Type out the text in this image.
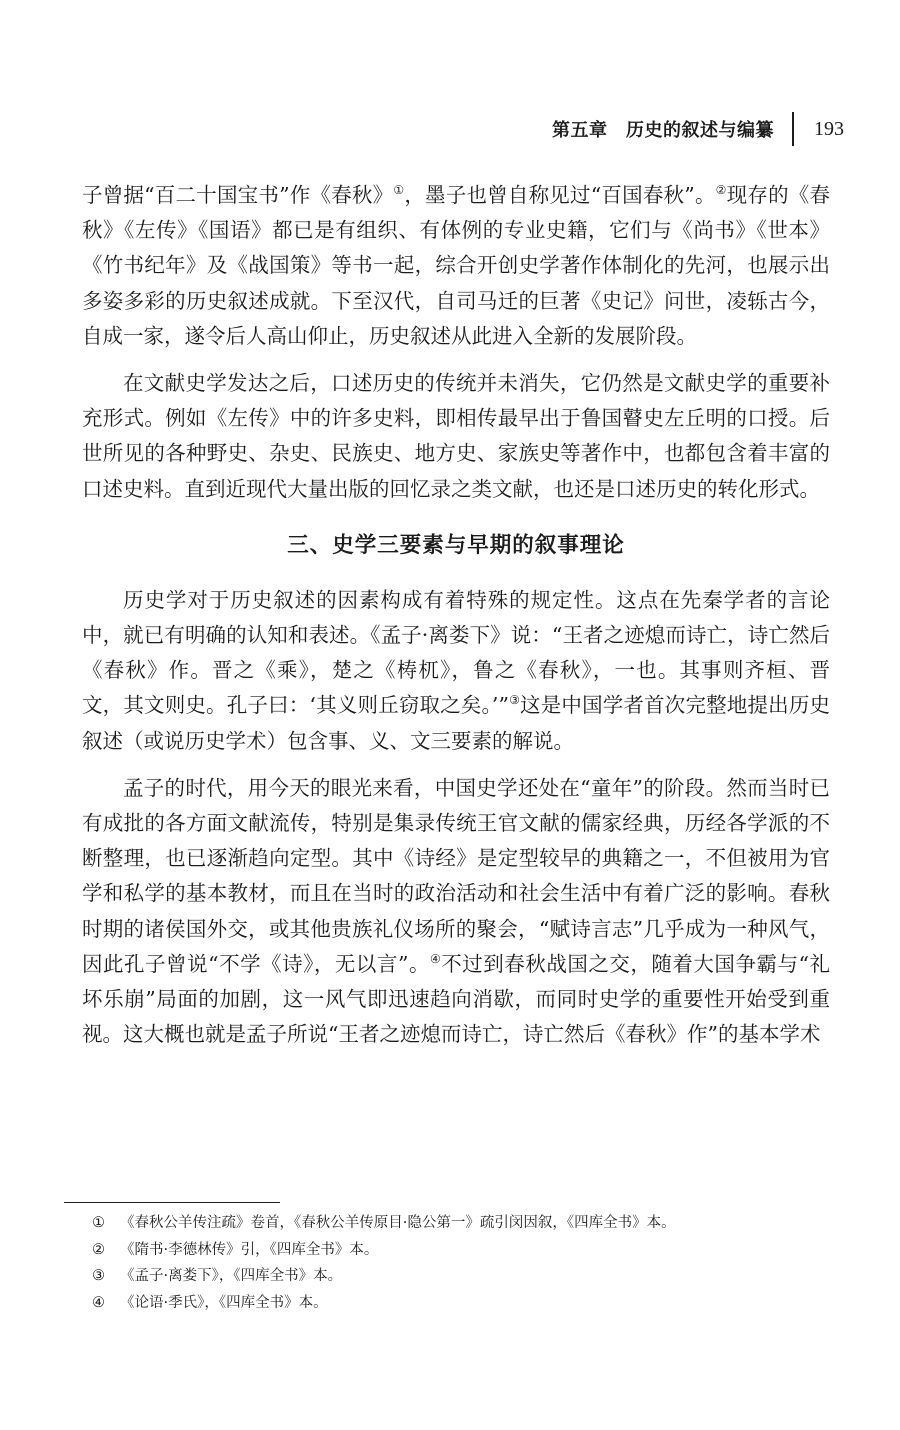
第五章　历史的叙述与编纂 193

子曾据“百二十国宝书”作《春秋》①，墨子也曾自称见过“百国春秋”。②现存的《春秋》《左传》《国语》都已是有组织、有体例的专业史籍，它们与《尚书》《世本》《竹书纪年》及《战国策》等书一起，综合开创史学著作体制化的先河，也展示出多姿多彩的历史叙述成就。下至汉代，自司马迁的巨著《史记》问世，凌轹古今，自成一家，遂令后人高山仰止，历史叙述从此进入全新的发展阶段。

在文献史学发达之后，口述历史的传统并未消失，它仍然是文献史学的重要补充形式。例如《左传》中的许多史料，即相传最早出于鲁国瞽史左丘明的口授。后世所见的各种野史、杂史、民族史、地方史、家族史等著作中，也都包含着丰富的口述史料。直到近现代大量出版的回忆录之类文献，也还是口述历史的转化形式。

三、史学三要素与早期的叙事理论

历史学对于历史叙述的因素构成有着特殊的规定性。这点在先秦学者的言论中，就已有明确的认知和表述。《孟子·离娄下》说：“王者之迹熄而诗亡，诗亡然后《春秋》作。晋之《乘》，楚之《梼杌》，鲁之《春秋》，一也。其事则齐桓、晋文，其文则史。孔子曰：‘其义则丘窃取之矣。’”③这是中国学者首次完整地提出历史叙述（或说历史学术）包含事、义、文三要素的解说。

孟子的时代，用今天的眼光来看，中国史学还处在“童年”的阶段。然而当时已有成批的各方面文献流传，特别是集录传统王官文献的儒家经典，历经各学派的不断整理，也已逐渐趋向定型。其中《诗经》是定型较早的典籍之一，不但被用为官学和私学的基本教材，而且在当时的政治活动和社会生活中有着广泛的影响。春秋时期的诸侯国外交，或其他贵族礼仪场所的聚会，“赋诗言志”几乎成为一种风气，因此孔子曾说“不学《诗》，无以言”。④不过到春秋战国之交，随着大国争霸与“礼坏乐崩”局面的加剧，这一风气即迅速趋向消歇，而同时史学的重要性开始受到重视。这大概也就是孟子所说“王者之迹熄而诗亡，诗亡然后《春秋》作”的基本学术

①	《春秋公羊传注疏》卷首，《春秋公羊传原目·隐公第一》疏引闵因叙，《四库全书》本。
②	《隋书·李德林传》引，《四库全书》本。
③	《孟子·离娄下》，《四库全书》本。
④	《论语·季氏》，《四库全书》本。
